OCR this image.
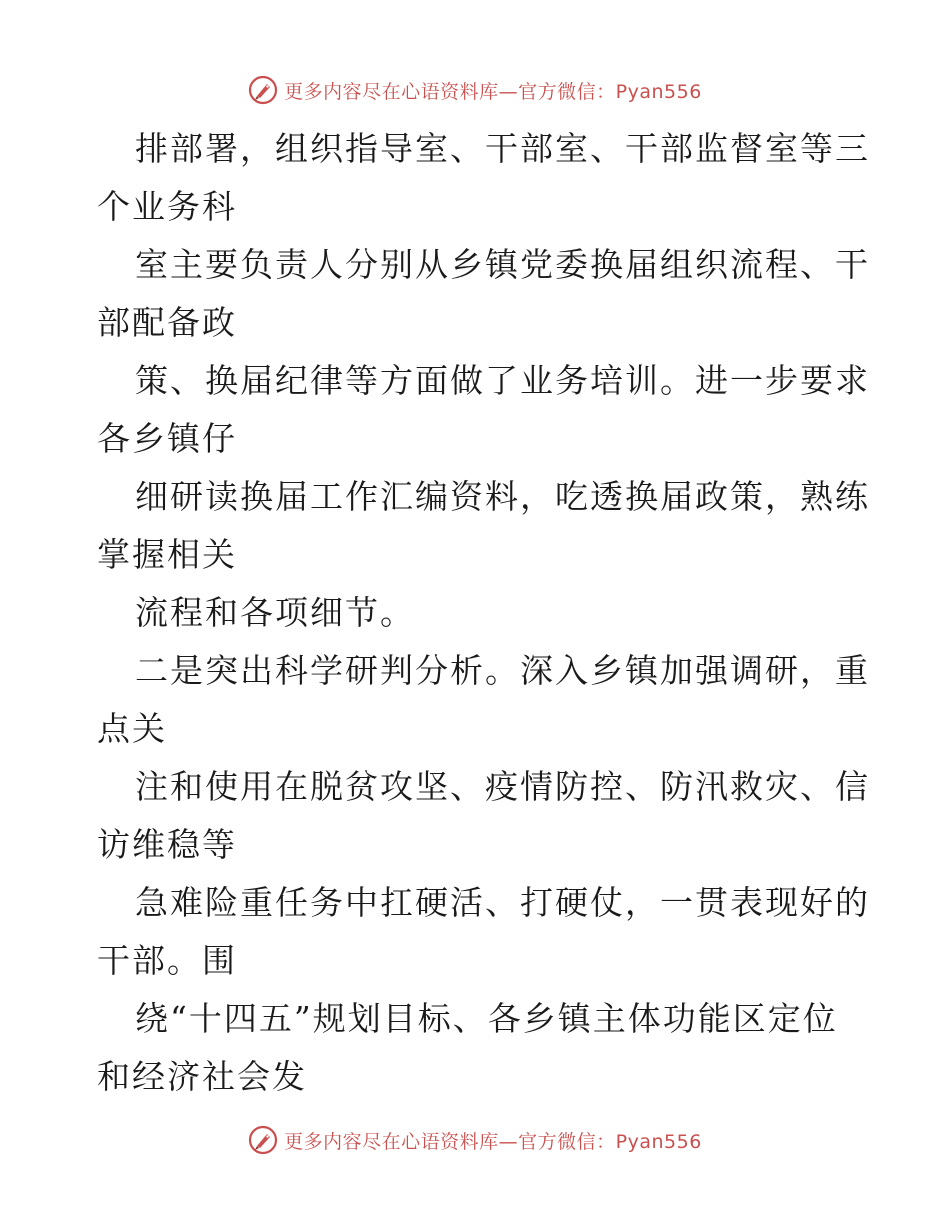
更多内容尽在心语资料库—官方微信：Pyan556
排部署，组织指导室、干部室、干部监督室等三
个业务科
室主要负责人分别从乡镇党委换届组织流程、干
部配备政
策、换届纪律等方面做了业务培训。进一步要求
各乡镇仔
细研读换届工作汇编资料，吃透换届政策，熟练
掌握相关
流程和各项细节。
二是突出科学研判分析。深入乡镇加强调研，重
点关
注和使用在脱贫攻坚、疫情防控、防汛救灾、信
访维稳等
急难险重任务中扛硬活、打硬仗，一贯表现好的
干部。围
绕“十四五”规划目标、各乡镇主体功能区定位
和经济社会发
更多内容尽在心语资料库—官方微信：Pyan556
